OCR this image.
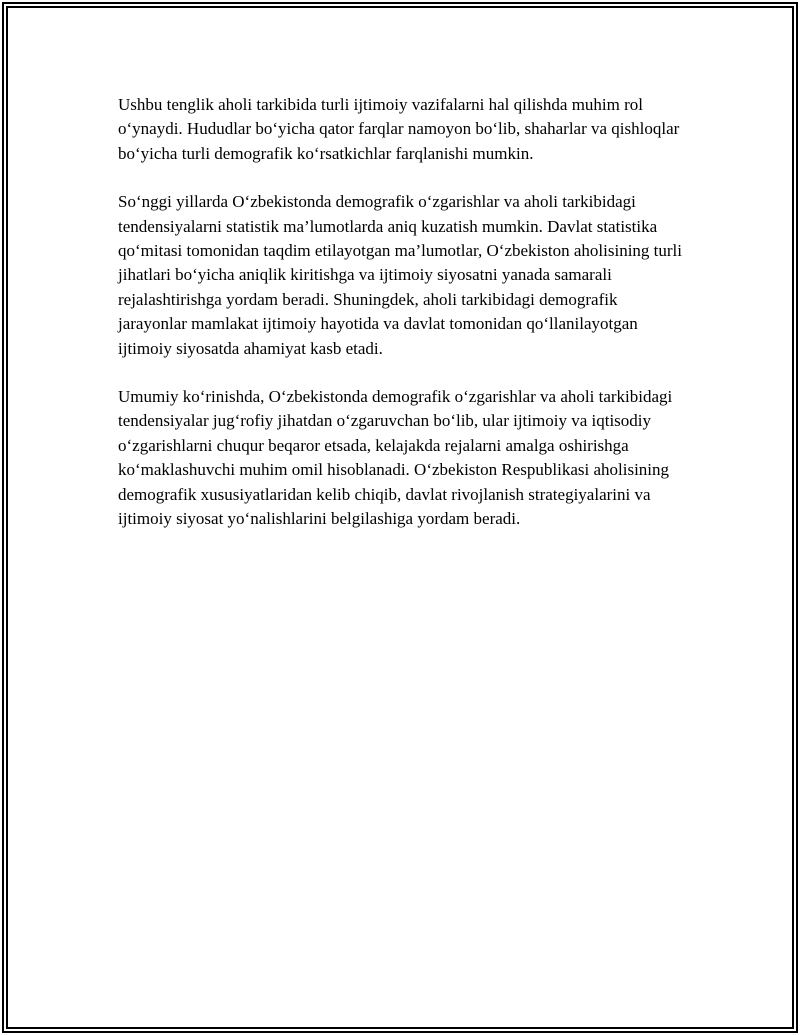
Ushbu tenglik aholi tarkibida turli ijtimoiy vazifalarni hal qilishda muhim rol o‘ynaydi. Hududlar bo‘yicha qator farqlar namoyon bo‘lib, shaharlar va qishloqlar bo‘yicha turli demografik ko‘rsatkichlar farqlanishi mumkin.

So‘nggi yillarda O‘zbekistonda demografik o‘zgarishlar va aholi tarkibidagi tendensiyalarni statistik ma’lumotlarda aniq kuzatish mumkin. Davlat statistika qo‘mitasi tomonidan taqdim etilayotgan ma’lumotlar, O‘zbekiston aholisining turli jihatlari bo‘yicha aniqlik kiritishga va ijtimoiy siyosatni yanada samarali rejalashtirishga yordam beradi. Shuningdek, aholi tarkibidagi demografik jarayonlar mamlakat ijtimoiy hayotida va davlat tomonidan qo‘llanilayotgan ijtimoiy siyosatda ahamiyat kasb etadi.

Umumiy ko‘rinishda, O‘zbekistonda demografik o‘zgarishlar va aholi tarkibidagi tendensiyalar jug‘rofiy jihatdan o‘zgaruvchan bo‘lib, ular ijtimoiy va iqtisodiy o‘zgarishlarni chuqur beqaror etsada, kelajakda rejalarni amalga oshirishga ko‘maklashuvchi muhim omil hisoblanadi. O‘zbekiston Respublikasi aholisining demografik xususiyatlaridan kelib chiqib, davlat rivojlanish strategiyalarini va ijtimoiy siyosat yo‘nalishlarini belgilashiga yordam beradi.
